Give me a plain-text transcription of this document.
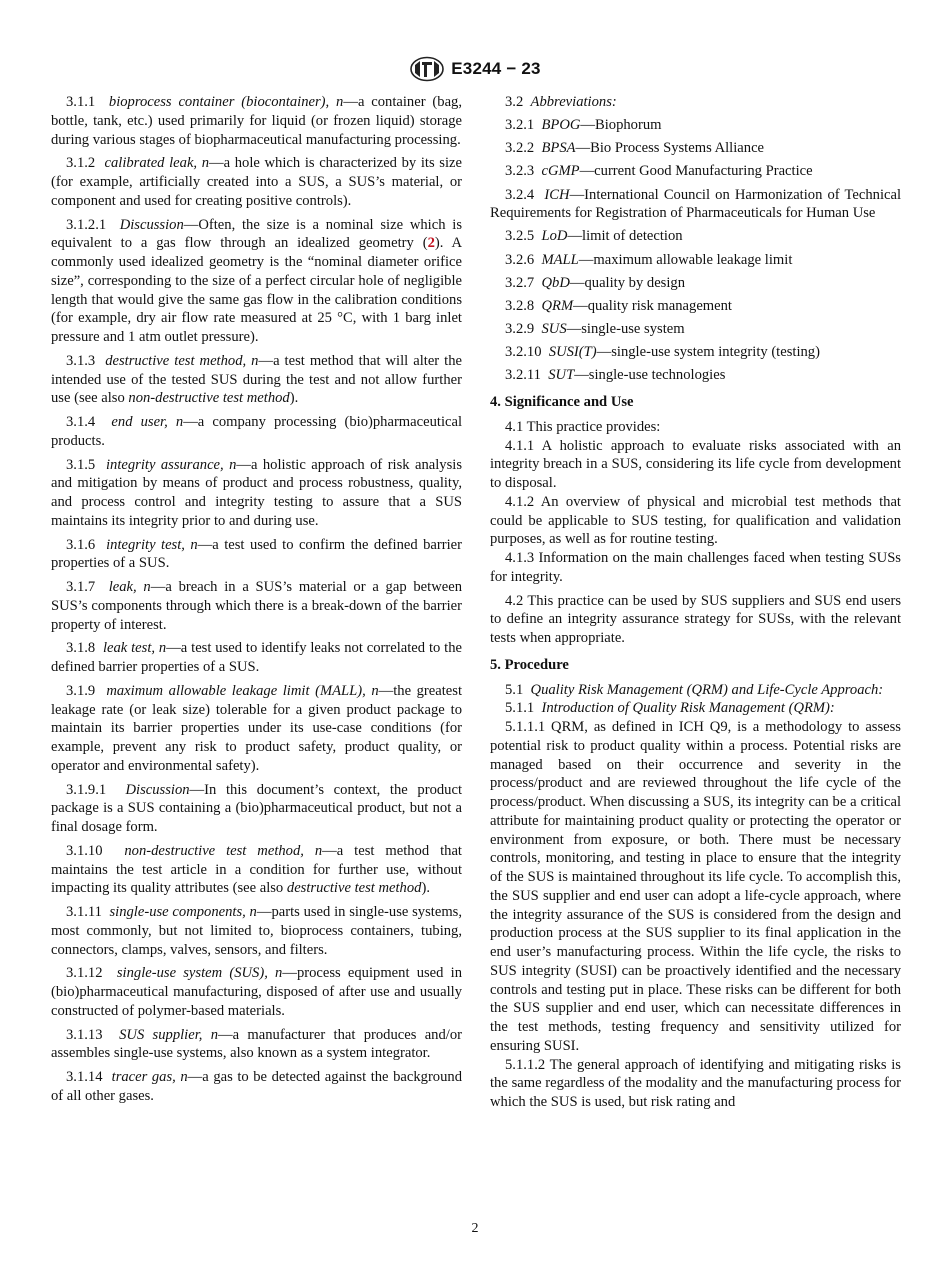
E3244 − 23

3.1.1 bioprocess container (biocontainer), n—a container (bag, bottle, tank, etc.) used primarily for liquid (or frozen liquid) storage during various stages of biopharmaceutical manufacturing processing.

3.1.2 calibrated leak, n—a hole which is characterized by its size (for example, artificially created into a SUS, a SUS’s material, or component and used for creating positive controls).

3.1.2.1 Discussion—Often, the size is a nominal size which is equivalent to a gas flow through an idealized geometry (2). A commonly used idealized geometry is the “nominal diameter orifice size”, corresponding to the size of a perfect circular hole of negligible length that would give the same gas flow in the calibration conditions (for example, dry air flow rate measured at 25 °C, with 1 barg inlet pressure and 1 atm outlet pressure).

3.1.3 destructive test method, n—a test method that will alter the intended use of the tested SUS during the test and not allow further use (see also non-destructive test method).

3.1.4 end user, n—a company processing (bio)pharmaceutical products.

3.1.5 integrity assurance, n—a holistic approach of risk analysis and mitigation by means of product and process robustness, quality, and process control and integrity testing to assure that a SUS maintains its integrity prior to and during use.

3.1.6 integrity test, n—a test used to confirm the defined barrier properties of a SUS.

3.1.7 leak, n—a breach in a SUS’s material or a gap between SUS’s components through which there is a break-down of the barrier property of interest.

3.1.8 leak test, n—a test used to identify leaks not correlated to the defined barrier properties of a SUS.

3.1.9 maximum allowable leakage limit (MALL), n—the greatest leakage rate (or leak size) tolerable for a given product package to maintain its barrier properties under its use-case conditions (for example, prevent any risk to product safety, product quality, or operator and environmental safety).

3.1.9.1 Discussion—In this document’s context, the product package is a SUS containing a (bio)pharmaceutical product, but not a final dosage form.

3.1.10 non-destructive test method, n—a test method that maintains the test article in a condition for further use, without impacting its quality attributes (see also destructive test method).

3.1.11 single-use components, n—parts used in single-use systems, most commonly, but not limited to, bioprocess containers, tubing, connectors, clamps, valves, sensors, and filters.

3.1.12 single-use system (SUS), n—process equipment used in (bio)pharmaceutical manufacturing, disposed of after use and usually constructed of polymer-based materials.

3.1.13 SUS supplier, n—a manufacturer that produces and/or assembles single-use systems, also known as a system integrator.

3.1.14 tracer gas, n—a gas to be detected against the background of all other gases.

3.2 Abbreviations:

3.2.1 BPOG—Biophorum

3.2.2 BPSA—Bio Process Systems Alliance

3.2.3 cGMP—current Good Manufacturing Practice

3.2.4 ICH—International Council on Harmonization of Technical Requirements for Registration of Pharmaceuticals for Human Use

3.2.5 LoD—limit of detection

3.2.6 MALL—maximum allowable leakage limit

3.2.7 QbD—quality by design

3.2.8 QRM—quality risk management

3.2.9 SUS—single-use system

3.2.10 SUSI(T)—single-use system integrity (testing)

3.2.11 SUT—single-use technologies

4. Significance and Use

4.1 This practice provides:

4.1.1 A holistic approach to evaluate risks associated with an integrity breach in a SUS, considering its life cycle from development to disposal.

4.1.2 An overview of physical and microbial test methods that could be applicable to SUS testing, for qualification and validation purposes, as well as for routine testing.

4.1.3 Information on the main challenges faced when testing SUSs for integrity.

4.2 This practice can be used by SUS suppliers and SUS end users to define an integrity assurance strategy for SUSs, with the relevant tests when appropriate.

5. Procedure

5.1 Quality Risk Management (QRM) and Life-Cycle Approach:

5.1.1 Introduction of Quality Risk Management (QRM):

5.1.1.1 QRM, as defined in ICH Q9, is a methodology to assess potential risk to product quality within a process. Potential risks are managed based on their occurrence and severity in the process/product and are reviewed throughout the life cycle of the process/product. When discussing a SUS, its integrity can be a critical attribute for maintaining product quality or protecting the operator or environment from exposure, or both. There must be necessary controls, monitoring, and testing in place to ensure that the integrity of the SUS is maintained throughout its life cycle. To accomplish this, the SUS supplier and end user can adopt a life-cycle approach, where the integrity assurance of the SUS is considered from the design and production process at the SUS supplier to its final application in the end user’s manufacturing process. Within the life cycle, the risks to SUS integrity (SUSI) can be proactively identified and the necessary controls and testing put in place. These risks can be different for both the SUS supplier and end user, which can necessitate differences in the test methods, testing frequency and sensitivity utilized for ensuring SUSI.

5.1.1.2 The general approach of identifying and mitigating risks is the same regardless of the modality and the manufacturing process for which the SUS is used, but risk rating and

2
